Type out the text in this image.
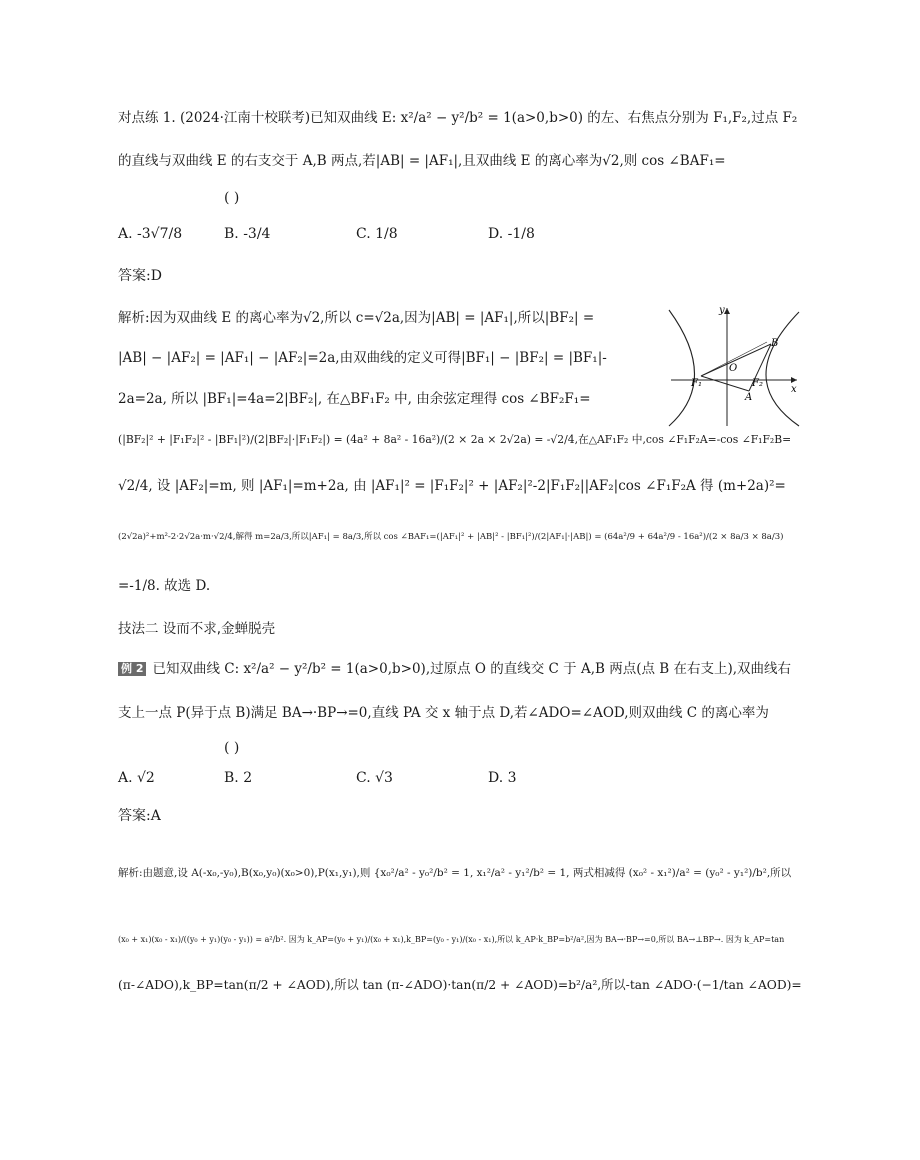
对点练 1. (2024·江南十校联考)已知双曲线 E: x²/a² − y²/b² = 1(a>0,b>0) 的左、右焦点分别为 F₁,F₂,过点 F₂
的直线与双曲线 E 的右支交于 A,B 两点,若|AB| = |AF₁|,且双曲线 E 的离心率为√2,则 cos ∠BAF₁=
( )
A. -3√7/8	B. -3/4	C. 1/8	D. -1/8
答案:D
解析:因为双曲线 E 的离心率为√2,所以 c=√2a,因为|AB| = |AF₁|,所以|BF₂| =
|AB| − |AF₂| = |AF₁| − |AF₂|=2a,由双曲线的定义可得|BF₁| − |BF₂| = |BF₁|-
2a=2a, 所以 |BF₁|=4a=2|BF₂|, 在△BF₁F₂ 中, 由余弦定理得 cos ∠BF₂F₁=
(|BF₂|² + |F₁F₂|² - |BF₁|²)/(2|BF₂|·|F₁F₂|) = (4a² + 8a² - 16a²)/(2 × 2a × 2√2a) = -√2/4,在△AF₁F₂ 中,cos ∠F₁F₂A=-cos ∠F₁F₂B=
√2/4, 设 |AF₂|=m, 则 |AF₁|=m+2a, 由 |AF₁|² = |F₁F₂|² + |AF₂|²-2|F₁F₂||AF₂|cos ∠F₁F₂A 得 (m+2a)²=
(2√2a)²+m²-2·2√2a·m·√2/4,解得 m=2a/3,所以|AF₁| = 8a/3,所以 cos ∠BAF₁=(|AF₁|² + |AB|² - |BF₁|²)/(2|AF₁|·|AB|) = (64a²/9 + 64a²/9 - 16a²)/(2 × 8a/3 × 8a/3)
=-1/8. 故选 D.
y
x
O
B
F₁	F₂
A
技法二 设而不求,金蝉脱壳
例 2 已知双曲线 C: x²/a² − y²/b² = 1(a>0,b>0),过原点 O 的直线交 C 于 A,B 两点(点 B 在右支上),双曲线右
支上一点 P(异于点 B)满足 BA→·BP→=0,直线 PA 交 x 轴于点 D,若∠ADO=∠AOD,则双曲线 C 的离心率为
( )
A. √2	B. 2	C. √3	D. 3
答案:A
解析:由题意,设 A(-x₀,-y₀),B(x₀,y₀)(x₀>0),P(x₁,y₁),则 {x₀²/a² - y₀²/b² = 1, x₁²/a² - y₁²/b² = 1, 两式相减得 (x₀² - x₁²)/a² = (y₀² - y₁²)/b²,所以
(x₀ + x₁)(x₀ - x₁)/((y₀ + y₁)(y₀ - y₁)) = a²/b². 因为 k_AP=(y₀ + y₁)/(x₀ + x₁),k_BP=(y₀ - y₁)/(x₀ - x₁),所以 k_AP·k_BP=b²/a²,因为 BA→·BP→=0,所以 BA→⊥BP→. 因为 k_AP=tan
(π-∠ADO),k_BP=tan(π/2 + ∠AOD),所以 tan (π-∠ADO)·tan(π/2 + ∠AOD)=b²/a²,所以-tan ∠ADO·(−1/tan ∠AOD)=
